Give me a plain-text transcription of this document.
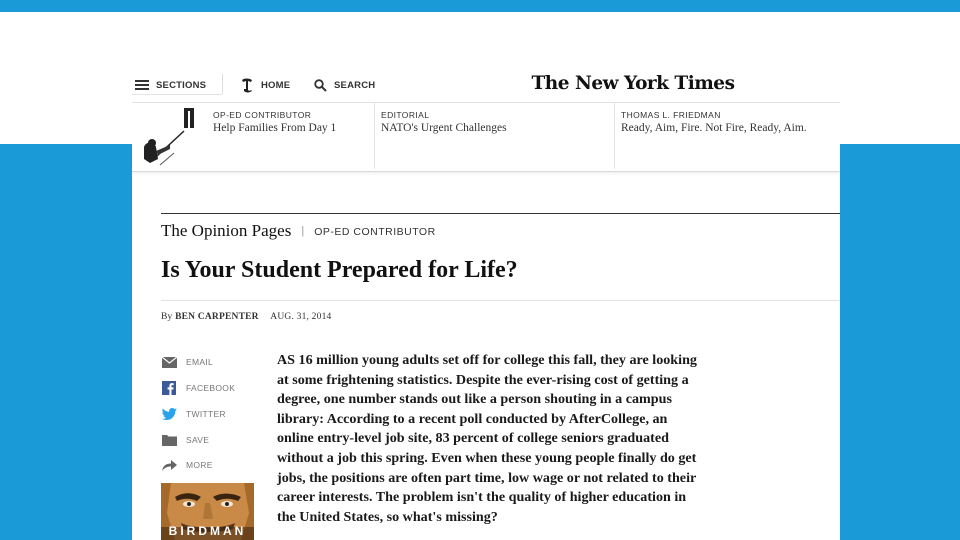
SECTIONS	HOME	SEARCH	The New York Times
OP-ED CONTRIBUTOR
Help Families From Day 1
EDITORIAL
NATO's Urgent Challenges
THOMAS L. FRIEDMAN
Ready, Aim, Fire. Not Fire, Ready, Aim.
The Opinion Pages | OP-ED CONTRIBUTOR
Is Your Student Prepared for Life?
By BEN CARPENTER AUG. 31, 2014
EMAIL
FACEBOOK
TWITTER
SAVE
MORE
BIRDMAN
AS 16 million young adults set off for college this fall, they are looking
at some frightening statistics. Despite the ever-rising cost of getting a
degree, one number stands out like a person shouting in a campus
library: According to a recent poll conducted by AfterCollege, an
online entry-level job site, 83 percent of college seniors graduated
without a job this spring. Even when these young people finally do get
jobs, the positions are often part time, low wage or not related to their
career interests. The problem isn't the quality of higher education in
the United States, so what's missing?
